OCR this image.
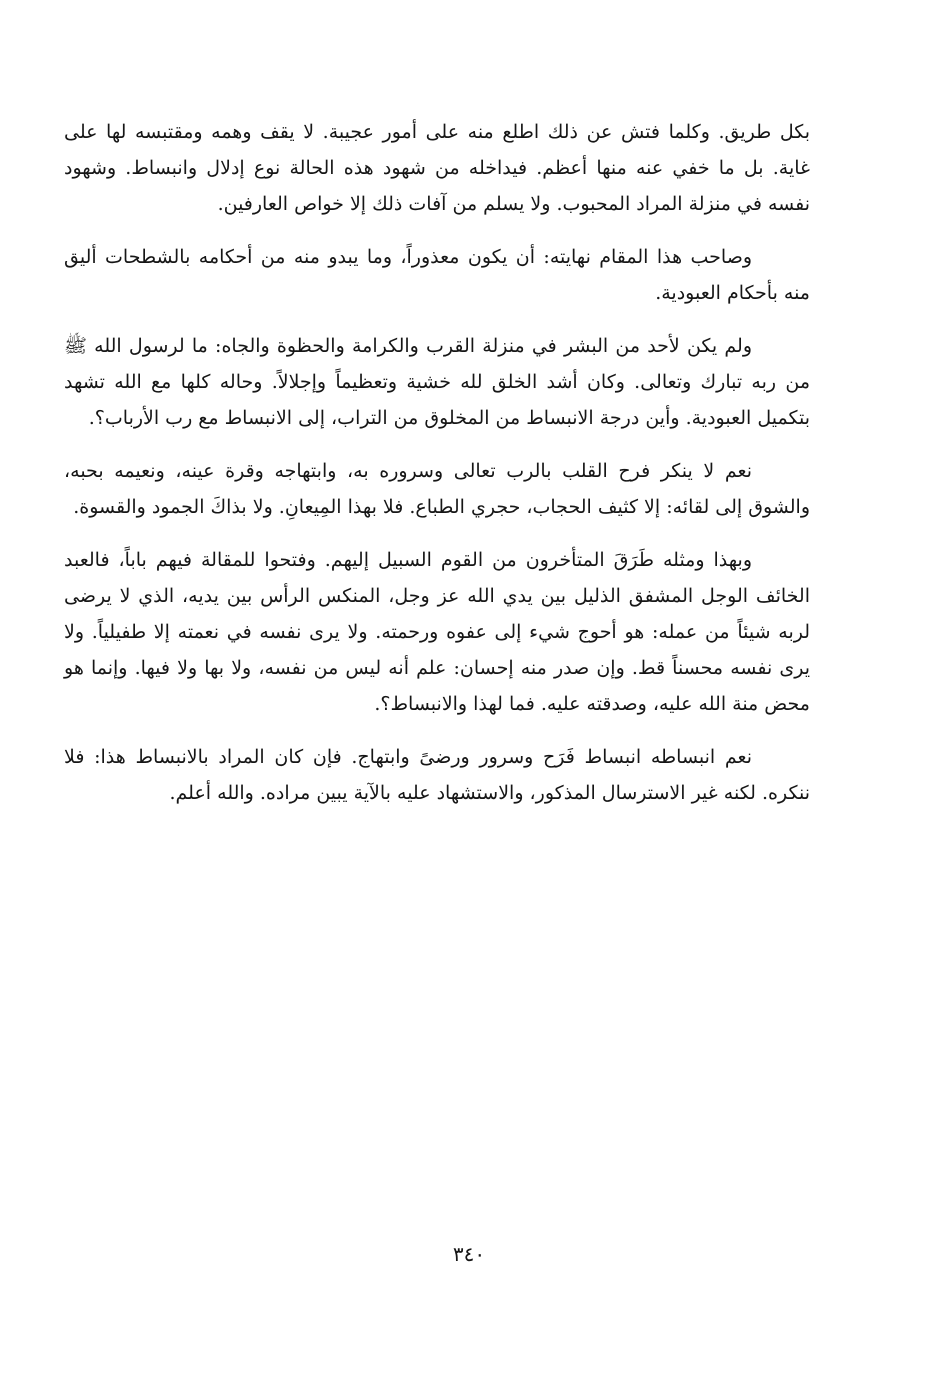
بكل طريق. وكلما فتش عن ذلك اطلع منه على أمور عجيبة. لا يقف وهمه ومقتبسه لها على غاية. بل ما خفي عنه منها أعظم. فيداخله من شهود هذه الحالة نوع إدلال وانبساط. وشهود نفسه في منزلة المراد المحبوب. ولا يسلم من آفات ذلك إلا خواص العارفين.

وصاحب هذا المقام نهايته: أن يكون معذوراً، وما يبدو منه من أحكامه بالشطحات أليق منه بأحكام العبودية.

ولم يكن لأحد من البشر في منزلة القرب والكرامة والحظوة والجاه: ما لرسول الله ﷺ من ربه تبارك وتعالى. وكان أشد الخلق لله خشية وتعظيماً وإجلالاً. وحاله كلها مع الله تشهد بتكميل العبودية. وأين درجة الانبساط من المخلوق من التراب، إلى الانبساط مع رب الأرباب؟.

نعم لا ينكر فرح القلب بالرب تعالى وسروره به، وابتهاجه وقرة عينه، ونعيمه بحبه، والشوق إلى لقائه: إلا كثيف الحجاب، حجري الطباع. فلا بهذا المِيعانِ. ولا بذاكَ الجمود والقسوة.

وبهذا ومثله طَرَقَ المتأخرون من القوم السبيل إليهم. وفتحوا للمقالة فيهم باباً، فالعبد الخائف الوجل المشفق الذليل بين يدي الله عز وجل، المنكس الرأس بين يديه، الذي لا يرضى لربه شيئاً من عمله: هو أحوج شيء إلى عفوه ورحمته. ولا يرى نفسه في نعمته إلا طفيلياً. ولا يرى نفسه محسناً قط. وإن صدر منه إحسان: علم أنه ليس من نفسه، ولا بها ولا فيها. وإنما هو محض منة الله عليه، وصدقته عليه. فما لهذا والانبساط؟.

نعم انبساطه انبساط فَرَح وسرور ورضىً وابتهاج. فإن كان المراد بالانبساط هذا: فلا ننكره. لكنه غير الاسترسال المذكور، والاستشهاد عليه بالآية يبين مراده. والله أعلم.

٣٤٠
